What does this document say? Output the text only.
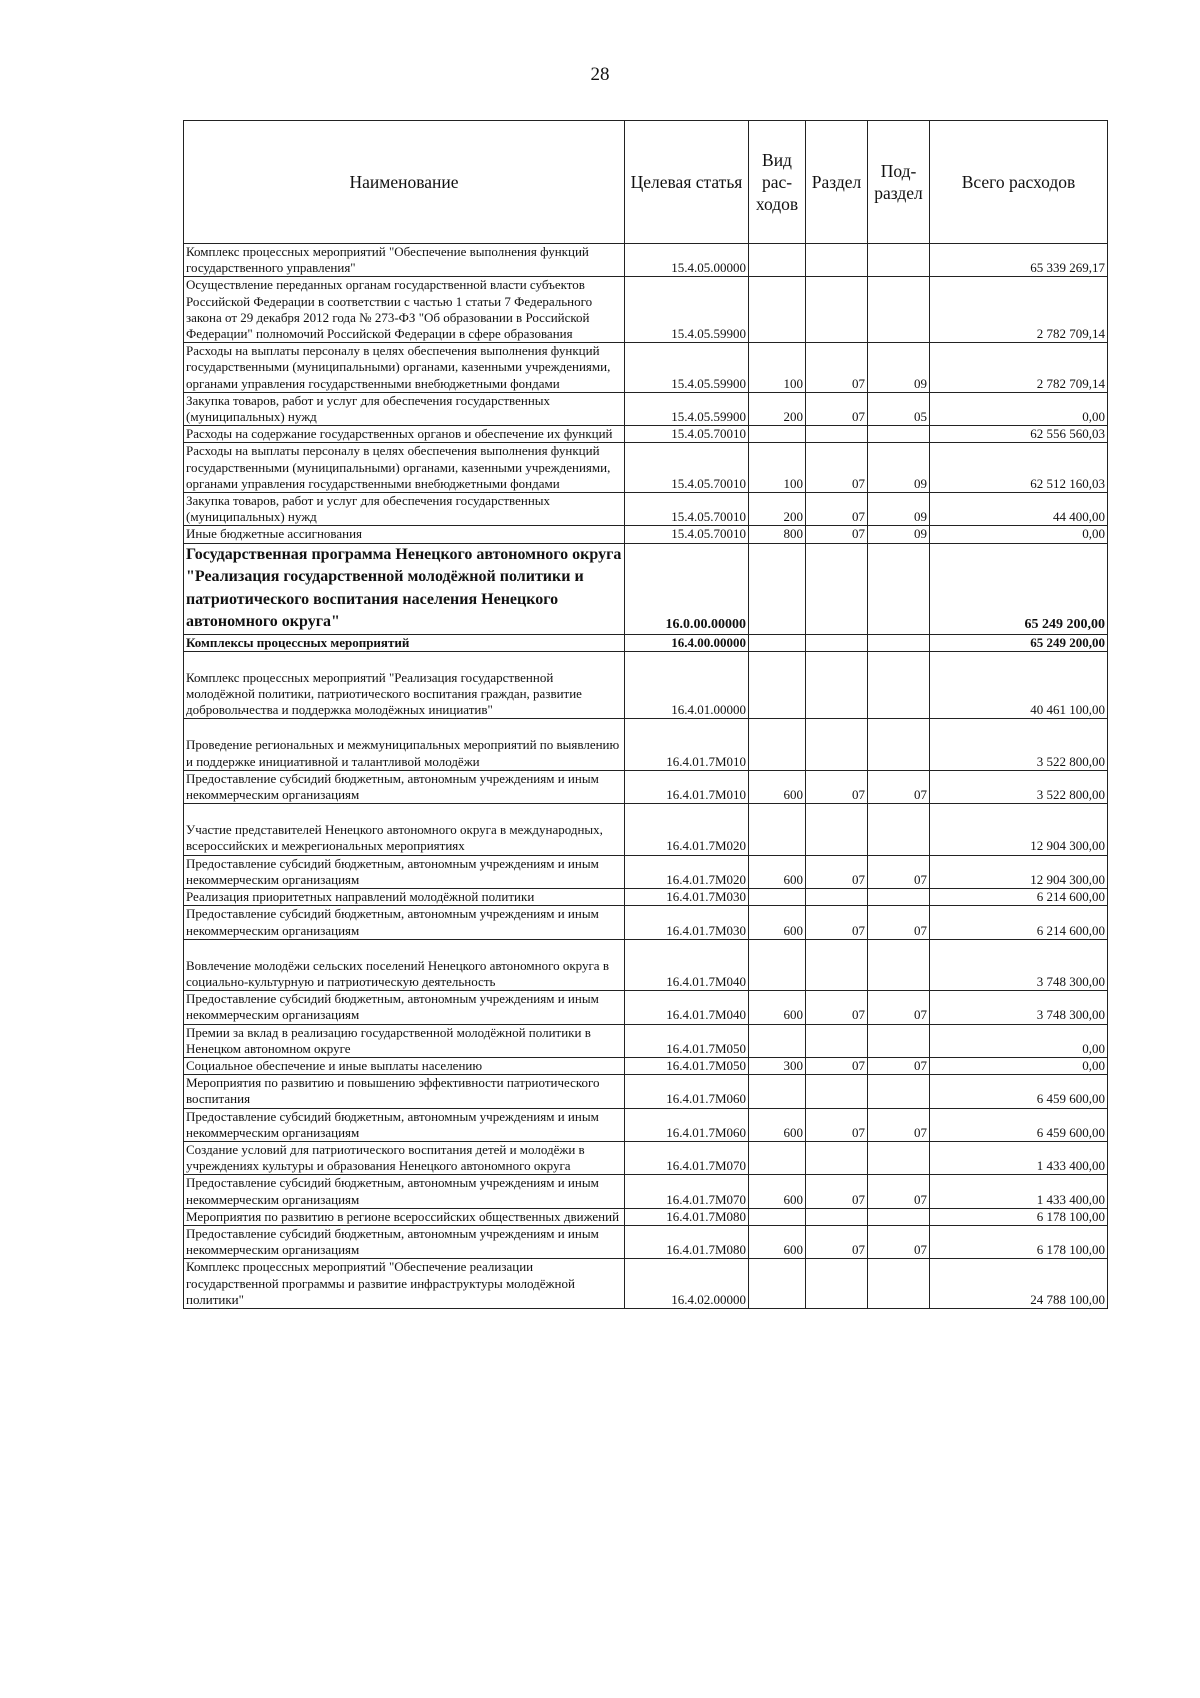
28
Наименование	Целевая статья	Вид рас- ходов	Раздел	Под- раздел	Всего расходов
Комплекс процессных мероприятий "Обеспечение выполнения функций государственного управления"	15.4.05.00000				65 339 269,17
Осуществление переданных органам государственной власти субъектов Российской Федерации в соответствии с частью 1 статьи 7 Федерального закона от 29 декабря 2012 года № 273-ФЗ "Об образовании в Российской Федерации" полномочий Российской Федерации в сфере образования	15.4.05.59900				2 782 709,14
Расходы на выплаты персоналу в целях обеспечения выполнения функций государственными (муниципальными) органами, казенными учреждениями, органами управления государственными внебюджетными фондами	15.4.05.59900	100	07	09	2 782 709,14
Закупка товаров, работ и услуг для обеспечения государственных (муниципальных) нужд	15.4.05.59900	200	07	05	0,00
Расходы на содержание государственных органов и обеспечение их функций	15.4.05.70010				62 556 560,03
Расходы на выплаты персоналу в целях обеспечения выполнения функций государственными (муниципальными) органами, казенными учреждениями, органами управления государственными внебюджетными фондами	15.4.05.70010	100	07	09	62 512 160,03
Закупка товаров, работ и услуг для обеспечения государственных (муниципальных) нужд	15.4.05.70010	200	07	09	44 400,00
Иные бюджетные ассигнования	15.4.05.70010	800	07	09	0,00
Государственная программа Ненецкого автономного округа "Реализация государственной молодёжной политики и патриотического воспитания населения Ненецкого автономного округа"	16.0.00.00000				65 249 200,00
Комплексы процессных мероприятий	16.4.00.00000				65 249 200,00
Комплекс процессных мероприятий "Реализация государственной молодёжной политики, патриотического воспитания граждан, развитие добровольчества и поддержка молодёжных инициатив"	16.4.01.00000				40 461 100,00
Проведение региональных и межмуниципальных мероприятий по выявлению и поддержке инициативной и талантливой молодёжи	16.4.01.7М010				3 522 800,00
Предоставление субсидий бюджетным, автономным учреждениям и иным некоммерческим организациям	16.4.01.7М010	600	07	07	3 522 800,00
Участие представителей Ненецкого автономного округа в международных, всероссийских и межрегиональных мероприятиях	16.4.01.7М020				12 904 300,00
Предоставление субсидий бюджетным, автономным учреждениям и иным некоммерческим организациям	16.4.01.7М020	600	07	07	12 904 300,00
Реализация приоритетных направлений молодёжной политики	16.4.01.7М030				6 214 600,00
Предоставление субсидий бюджетным, автономным учреждениям и иным некоммерческим организациям	16.4.01.7М030	600	07	07	6 214 600,00
Вовлечение молодёжи сельских поселений Ненецкого автономного округа в социально-культурную и патриотическую деятельность	16.4.01.7М040				3 748 300,00
Предоставление субсидий бюджетным, автономным учреждениям и иным некоммерческим организациям	16.4.01.7М040	600	07	07	3 748 300,00
Премии за вклад в реализацию государственной молодёжной политики в Ненецком автономном округе	16.4.01.7М050				0,00
Социальное обеспечение и иные выплаты населению	16.4.01.7М050	300	07	07	0,00
Мероприятия по развитию и повышению эффективности патриотического воспитания	16.4.01.7М060				6 459 600,00
Предоставление субсидий бюджетным, автономным учреждениям и иным некоммерческим организациям	16.4.01.7М060	600	07	07	6 459 600,00
Создание условий для патриотического воспитания детей и молодёжи в учреждениях культуры и образования Ненецкого автономного округа	16.4.01.7М070				1 433 400,00
Предоставление субсидий бюджетным, автономным учреждениям и иным некоммерческим организациям	16.4.01.7М070	600	07	07	1 433 400,00
Мероприятия по развитию в регионе всероссийских общественных движений	16.4.01.7М080				6 178 100,00
Предоставление субсидий бюджетным, автономным учреждениям и иным некоммерческим организациям	16.4.01.7М080	600	07	07	6 178 100,00
Комплекс процессных мероприятий "Обеспечение реализации государственной программы и развитие инфраструктуры молодёжной политики"	16.4.02.00000				24 788 100,00
